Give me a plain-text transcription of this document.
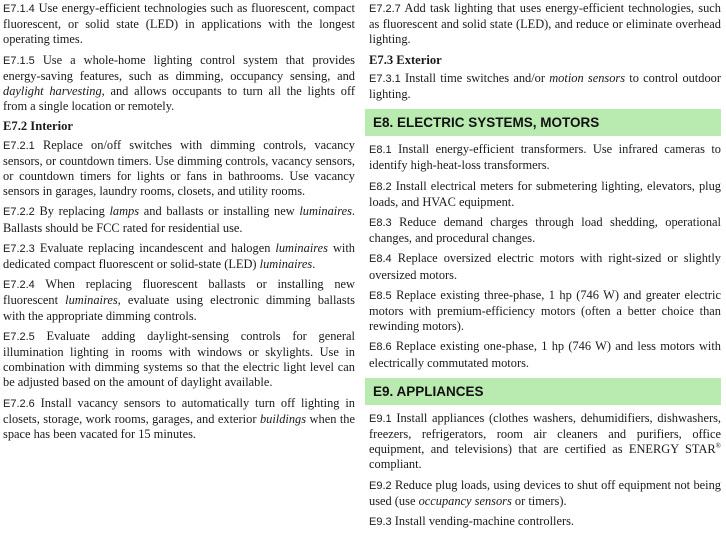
E7.1.4 Use energy-efficient technologies such as fluorescent, compact fluorescent, or solid state (LED) in applications with the longest operating times.
E7.1.5 Use a whole-home lighting control system that provides energy-saving features, such as dimming, occupancy sensing, and daylight harvesting, and allows occupants to turn all the lights off from a single location or remotely.
E7.2 Interior
E7.2.1 Replace on/off switches with dimming controls, vacancy sensors, or countdown timers. Use dimming controls, vacancy sensors, or countdown timers for lights or fans in bathrooms. Use vacancy sensors in garages, laundry rooms, closets, and utility rooms.
E7.2.2 By replacing lamps and ballasts or installing new luminaires. Ballasts should be FCC rated for residential use.
E7.2.3 Evaluate replacing incandescent and halogen luminaires with dedicated compact fluorescent or solid-state (LED) luminaires.
E7.2.4 When replacing fluorescent ballasts or installing new fluorescent luminaires, evaluate using electronic dimming ballasts with the appropriate dimming controls.
E7.2.5 Evaluate adding daylight-sensing controls for general illumination lighting in rooms with windows or skylights. Use in combination with dimming systems so that the electric light level can be adjusted based on the amount of daylight available.
E7.2.6 Install vacancy sensors to automatically turn off lighting in closets, storage, work rooms, garages, and exterior buildings when the space has been vacated for 15 minutes.
E7.2.7 Add task lighting that uses energy-efficient technologies, such as fluorescent and solid state (LED), and reduce or eliminate overhead lighting.
E7.3 Exterior
E7.3.1 Install time switches and/or motion sensors to control outdoor lighting.
E8. ELECTRIC SYSTEMS, MOTORS
E8.1 Install energy-efficient transformers. Use infrared cameras to identify high-heat-loss transformers.
E8.2 Install electrical meters for submetering lighting, elevators, plug loads, and HVAC equipment.
E8.3 Reduce demand charges through load shedding, operational changes, and procedural changes.
E8.4 Replace oversized electric motors with right-sized or slightly oversized motors.
E8.5 Replace existing three-phase, 1 hp (746 W) and greater electric motors with premium-efficiency motors (often a better choice than rewinding motors).
E8.6 Replace existing one-phase, 1 hp (746 W) and less motors with electrically commutated motors.
E9. APPLIANCES
E9.1 Install appliances (clothes washers, dehumidifiers, dishwashers, freezers, refrigerators, room air cleaners and purifiers, office equipment, and televisions) that are certified as ENERGY STAR® compliant.
E9.2 Reduce plug loads, using devices to shut off equipment not being used (use occupancy sensors or timers).
E9.3 Install vending-machine controllers.
